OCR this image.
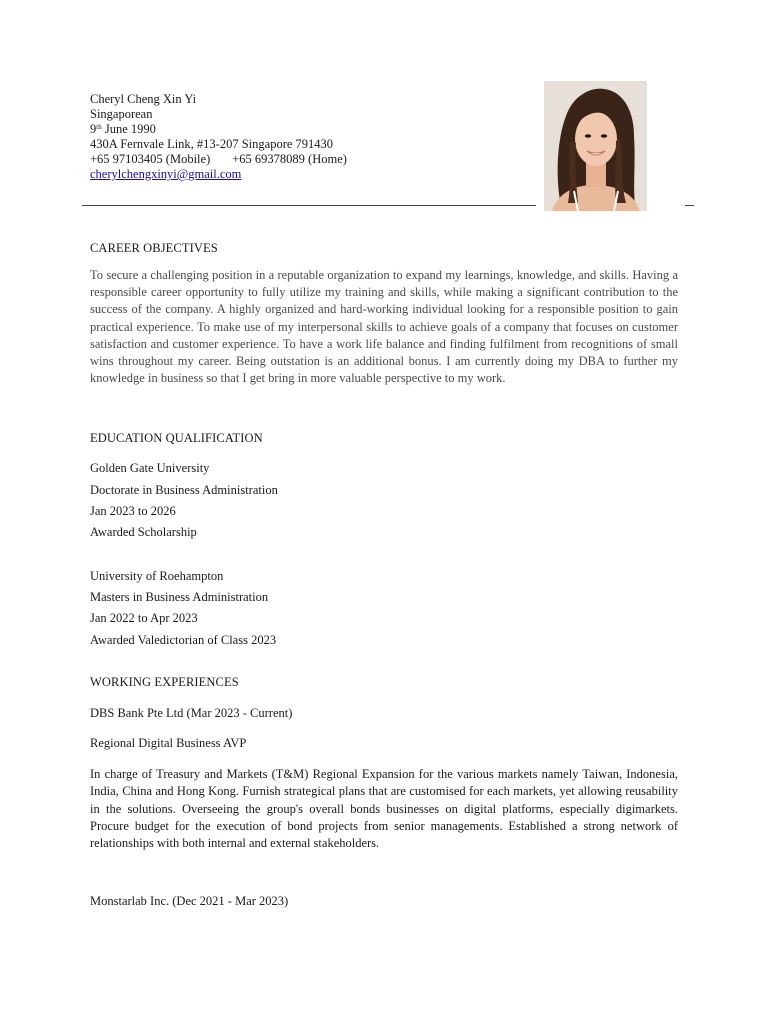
Cheryl Cheng Xin Yi
Singaporean
9th June 1990
430A Fernvale Link, #13-207 Singapore 791430
+65 97103405 (Mobile) +65 69378089 (Home)
cherylchengxinyi@gmail.com
CAREER OBJECTIVES
To secure a challenging position in a reputable organization to expand my learnings, knowledge, and skills. Having a responsible career opportunity to fully utilize my training and skills, while making a significant contribution to the success of the company. A highly organized and hard-working individual looking for a responsible position to gain practical experience. To make use of my interpersonal skills to achieve goals of a company that focuses on customer satisfaction and customer experience. To have a work life balance and finding fulfilment from recognitions of small wins throughout my career. Being outstation is an additional bonus. I am currently doing my DBA to further my knowledge in business so that I get bring in more valuable perspective to my work.
EDUCATION QUALIFICATION
Golden Gate University
Doctorate in Business Administration
Jan 2023 to 2026
Awarded Scholarship
University of Roehampton
Masters in Business Administration
Jan 2022 to Apr 2023
Awarded Valedictorian of Class 2023
WORKING EXPERIENCES
DBS Bank Pte Ltd (Mar 2023 - Current)
Regional Digital Business AVP
In charge of Treasury and Markets (T&M) Regional Expansion for the various markets namely Taiwan, Indonesia, India, China and Hong Kong. Furnish strategical plans that are customised for each markets, yet allowing reusability in the solutions. Overseeing the group's overall bonds businesses on digital platforms, especially digimarkets. Procure budget for the execution of bond projects from senior managements. Established a strong network of relationships with both internal and external stakeholders.
Monstarlab Inc. (Dec 2021 - Mar 2023)
